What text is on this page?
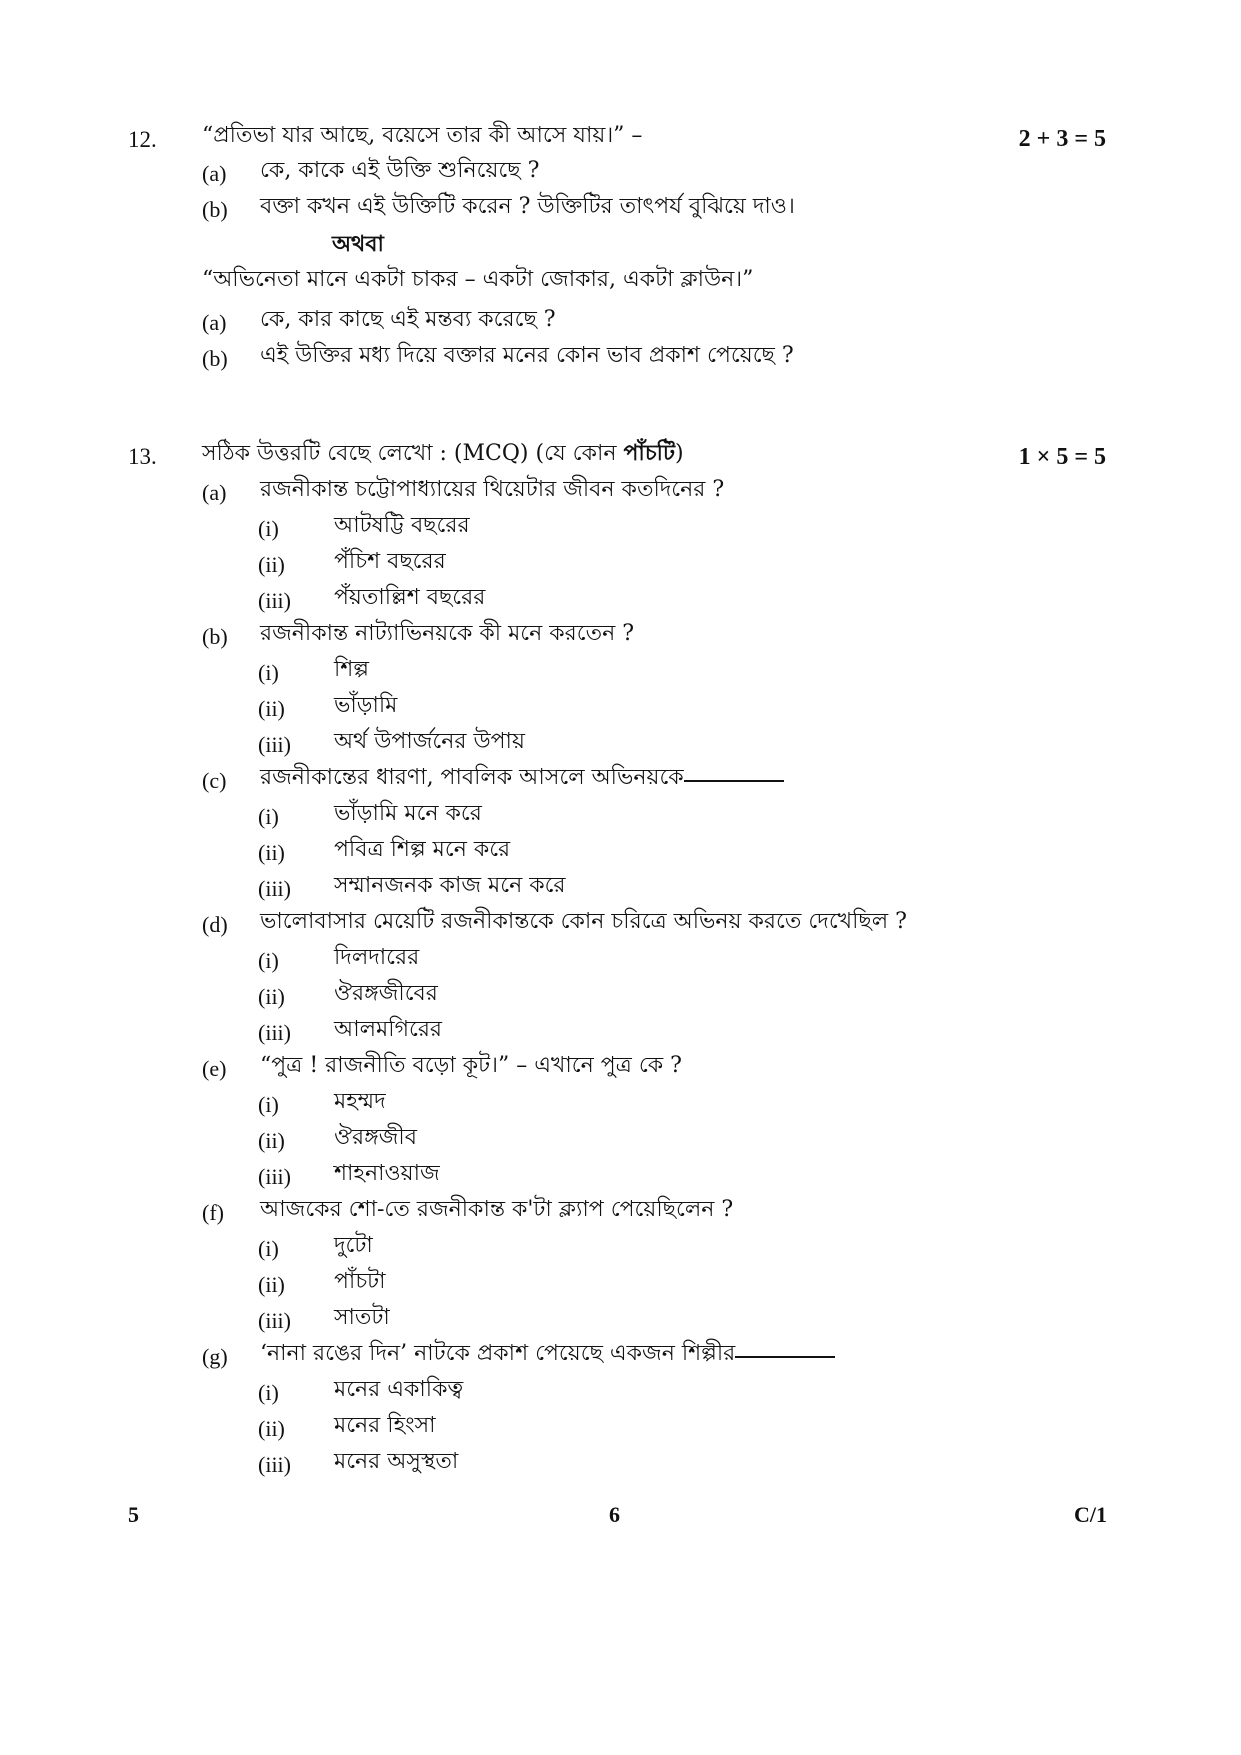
12.	“প্রতিভা যার আছে, বয়েসে তার কী আসে যায়।” –	2 + 3 = 5
(a)	কে, কাকে এই উক্তি শুনিয়েছে ?
(b)	বক্তা কখন এই উক্তিটি করেন ? উক্তিটির তাৎপর্য বুঝিয়ে দাও।
অথবা
“অভিনেতা মানে একটা চাকর – একটা জোকার, একটা ক্লাউন।”
(a)	কে, কার কাছে এই মন্তব্য করেছে ?
(b)	এই উক্তির মধ্য দিয়ে বক্তার মনের কোন ভাব প্রকাশ পেয়েছে ?
13.	সঠিক উত্তরটি বেছে লেখো : (MCQ) (যে কোন পাঁচটি)	1 × 5 = 5
(a)	রজনীকান্ত চট্টোপাধ্যায়ের থিয়েটার জীবন কতদিনের ?
(i)	আটষট্টি বছরের
(ii)	পঁচিশ বছরের
(iii)	পঁয়তাল্লিশ বছরের
(b)	রজনীকান্ত নাট্যাভিনয়কে কী মনে করতেন ?
(i)	শিল্প
(ii)	ভাঁড়ামি
(iii)	অর্থ উপার্জনের উপায়
(c)	রজনীকান্তের ধারণা, পাবলিক আসলে অভিনয়কে
(i)	ভাঁড়ামি মনে করে
(ii)	পবিত্র শিল্প মনে করে
(iii)	সম্মানজনক কাজ মনে করে
(d)	ভালোবাসার মেয়েটি রজনীকান্তকে কোন চরিত্রে অভিনয় করতে দেখেছিল ?
(i)	দিলদারের
(ii)	ঔরঙ্গজীবের
(iii)	আলমগিরের
(e)	“পুত্র ! রাজনীতি বড়ো কূট।” – এখানে পুত্র কে ?
(i)	মহম্মদ
(ii)	ঔরঙ্গজীব
(iii)	শাহনাওয়াজ
(f)	আজকের শো-তে রজনীকান্ত ক'টা ক্ল্যাপ পেয়েছিলেন ?
(i)	দুটো
(ii)	পাঁচটা
(iii)	সাতটা
(g)	‘নানা রঙের দিন’ নাটকে প্রকাশ পেয়েছে একজন শিল্পীর
(i)	মনের একাকিত্ব
(ii)	মনের হিংসা
(iii)	মনের অসুস্থতা
5	6	C/1
